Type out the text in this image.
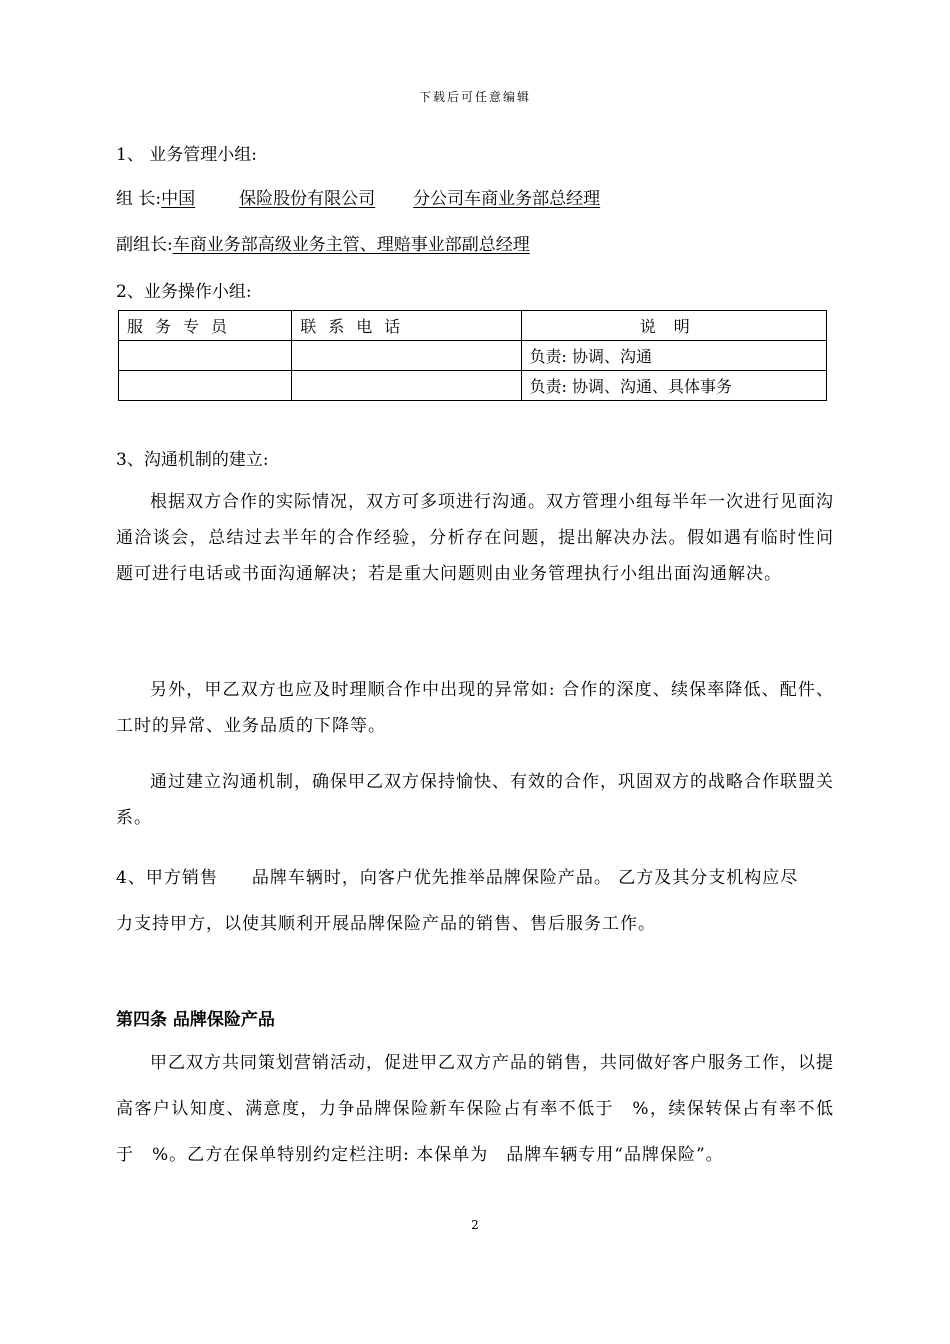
下载后可任意编辑
1、 业务管理小组:
组 长:中国	保险股份有限公司 分公司车商业务部总经理
副组长:车商业务部高级业务主管、理赔事业部副总经理
2、业务操作小组:
服务专员	联系电话	说明
		负责: 协调、沟通
		负责: 协调、沟通、具体事务
3、沟通机制的建立:
根据双方合作的实际情况，双方可多项进行沟通。双方管理小组每半年一次进行见面沟通洽谈会，总结过去半年的合作经验，分析存在问题，提出解决办法。假如遇有临时性问题可进行电话或书面沟通解决；若是重大问题则由业务管理执行小组出面沟通解决。
另外，甲乙双方也应及时理顺合作中出现的异常如: 合作的深度、续保率降低、配件、工时的异常、业务品质的下降等。
通过建立沟通机制，确保甲乙双方保持愉快、有效的合作，巩固双方的战略合作联盟关系。
4、甲方销售 品牌车辆时，向客户优先推举品牌保险产品。 乙方及其分支机构应尽
力支持甲方，以使其顺利开展品牌保险产品的销售、售后服务工作。
第四条 品牌保险产品
甲乙双方共同策划营销活动，促进甲乙双方产品的销售，共同做好客户服务工作，以提高客户认知度、满意度，力争品牌保险新车保险占有率不低于　%，续保转保占有率不低于　%。乙方在保单特别约定栏注明: 本保单为　品牌车辆专用“品牌保险”。
2
